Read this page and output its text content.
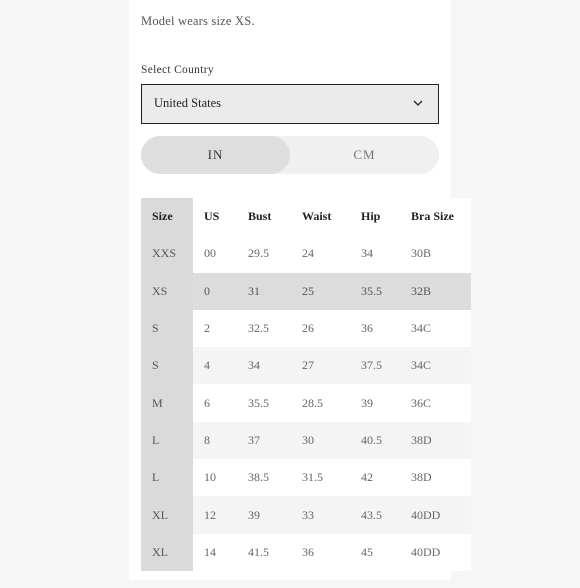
Model wears size XS.
Select Country
United States
IN	CM
Size	US	Bust	Waist	Hip	Bra Size
XXS	00	29.5	24	34	30B
XS	0	31	25	35.5	32B
S	2	32.5	26	36	34C
S	4	34	27	37.5	34C
M	6	35.5	28.5	39	36C
L	8	37	30	40.5	38D
L	10	38.5	31.5	42	38D
XL	12	39	33	43.5	40DD
XL	14	41.5	36	45	40DD
